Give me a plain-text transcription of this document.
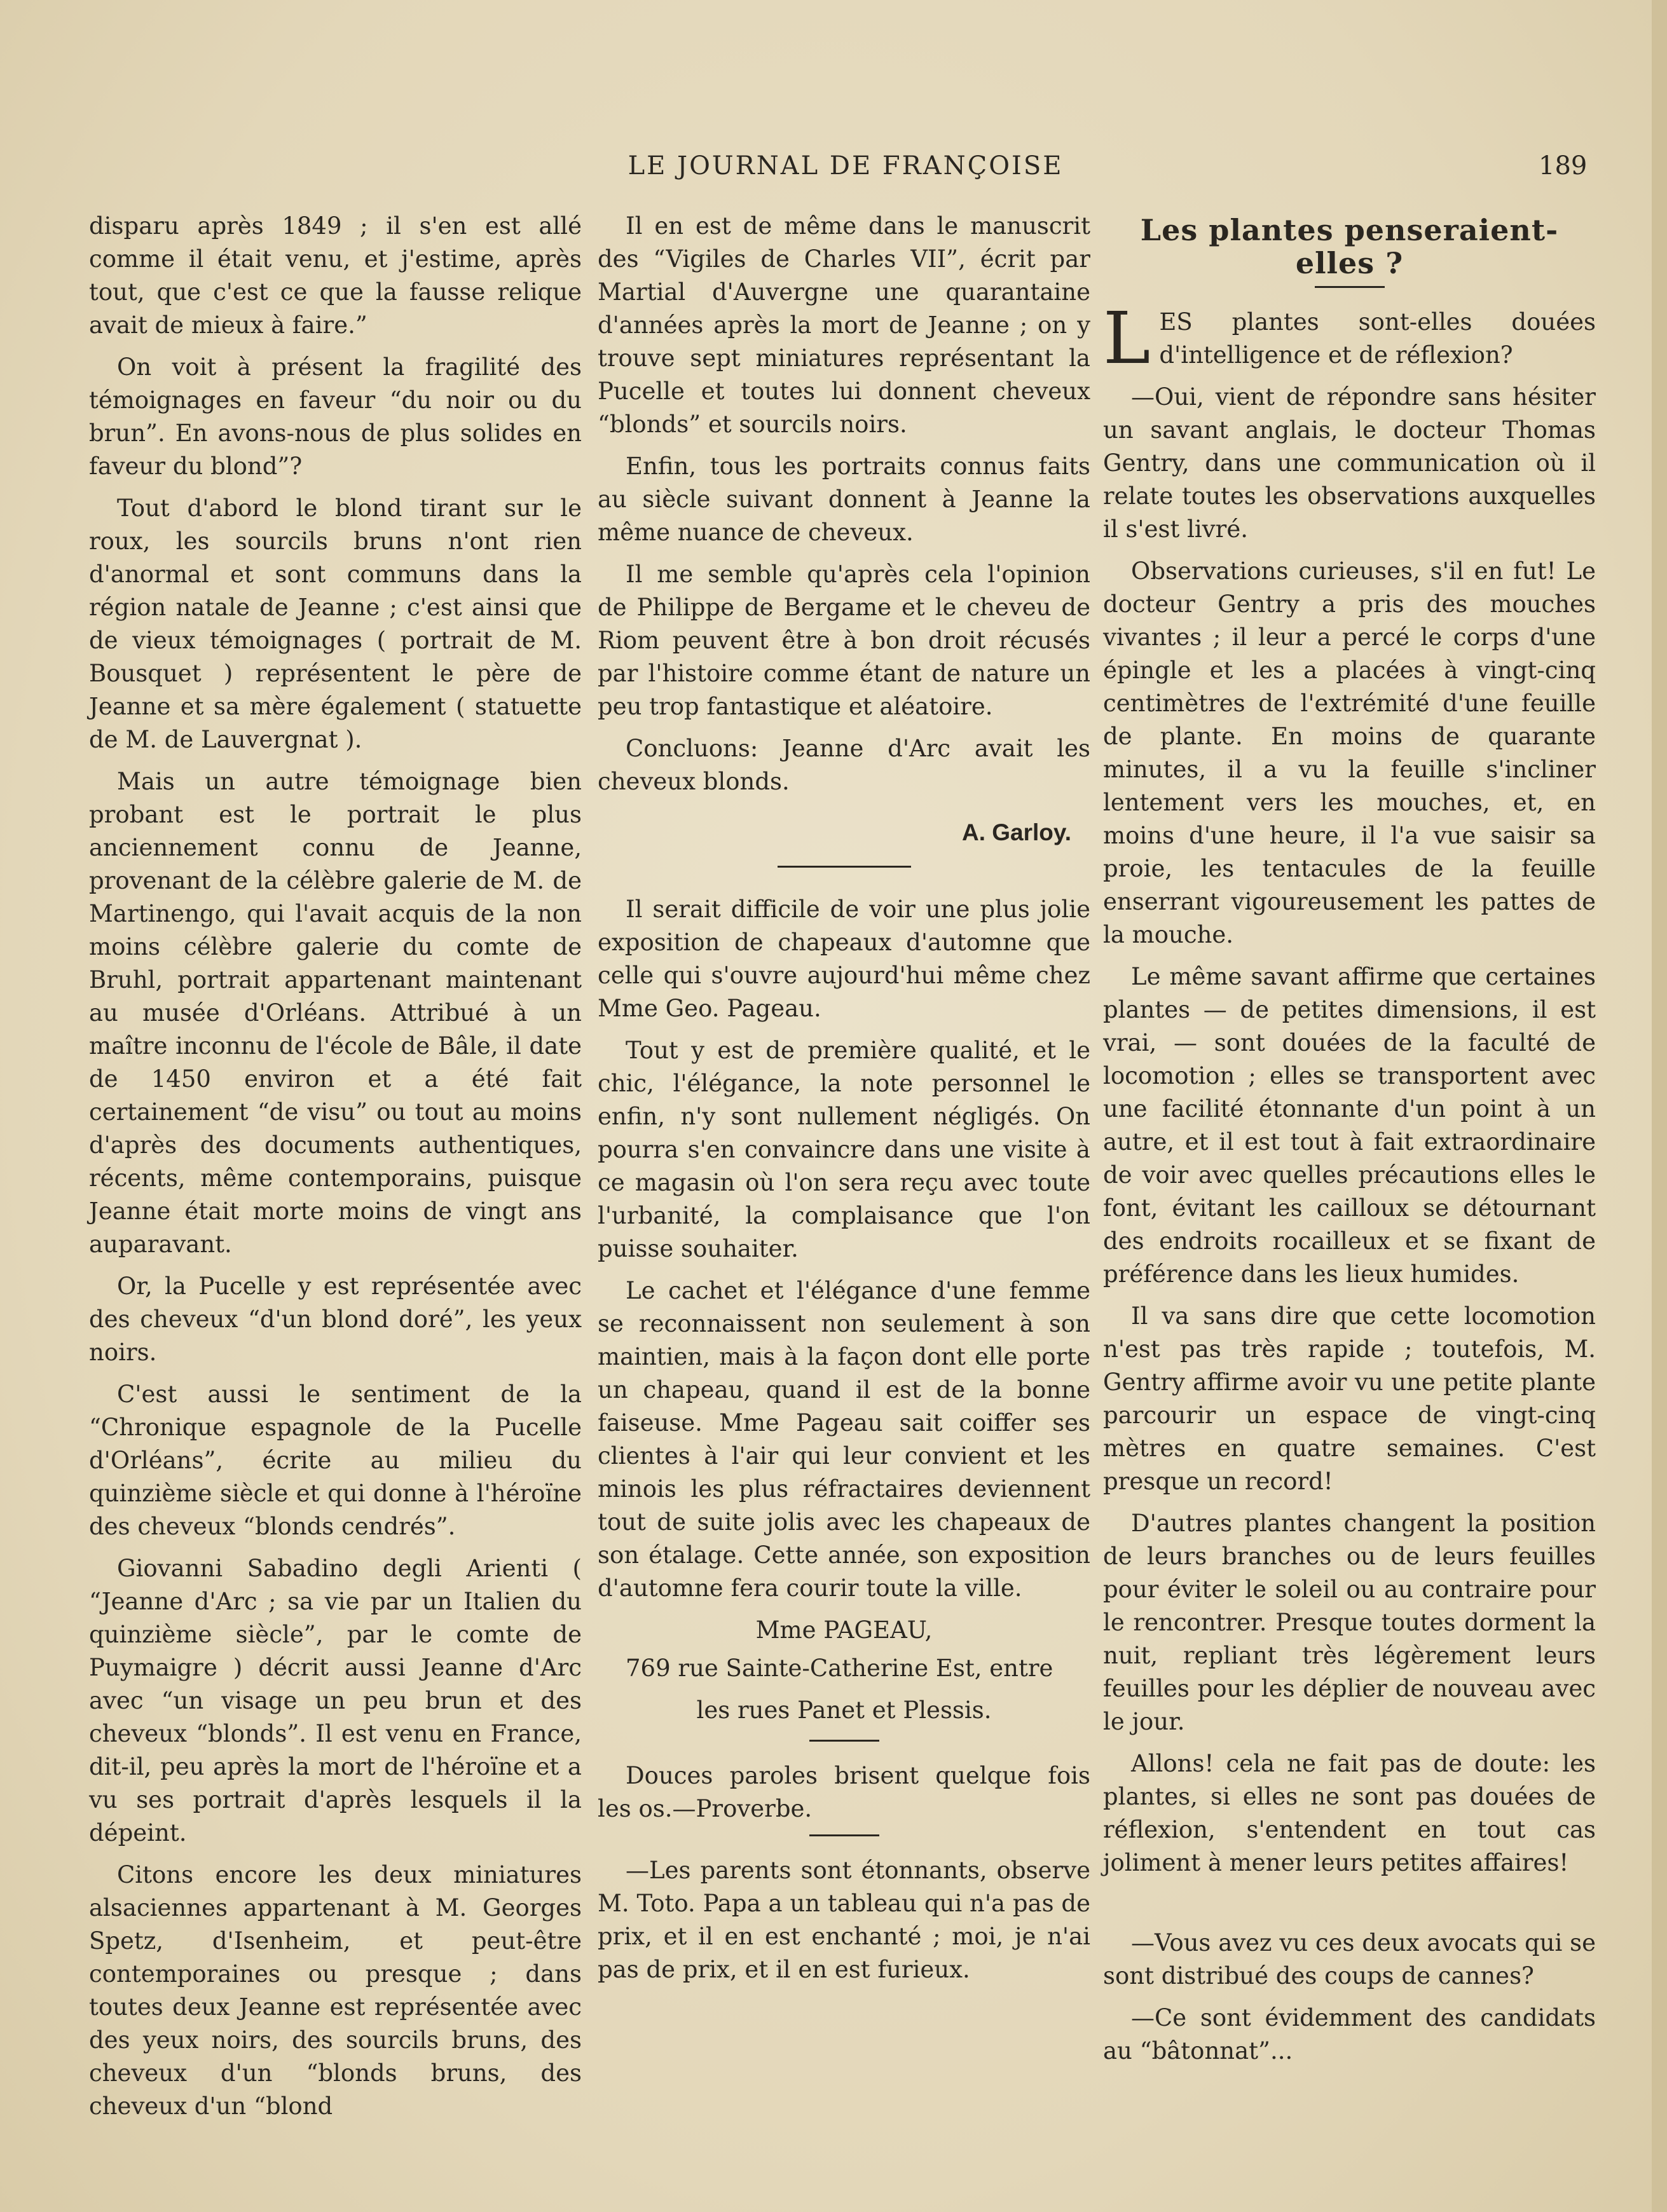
LE JOURNAL DE FRANÇOISE	189

disparu après 1849 ; il s'en est allé comme il était venu, et j'estime, après tout, que c'est ce que la fausse relique avait de mieux à faire.”

On voit à présent la fragilité des témoignages en faveur “du noir ou du brun”. En avons-nous de plus solides en faveur du blond”?

Tout d'abord le blond tirant sur le roux, les sourcils bruns n'ont rien d'anormal et sont communs dans la région natale de Jeanne ; c'est ainsi que de vieux témoignages ( portrait de M. Bousquet ) représentent le père de Jeanne et sa mère également ( statuette de M. de Lauvergnat ).

Mais un autre témoignage bien probant est le portrait le plus anciennement connu de Jeanne, provenant de la célèbre galerie de M. de Martinengo, qui l'avait acquis de la non moins célèbre galerie du comte de Bruhl, portrait appartenant maintenant au musée d'Orléans. Attribué à un maître inconnu de l'école de Bâle, il date de 1450 environ et a été fait certainement “de visu” ou tout au moins d'après des documents authentiques, récents, même contemporains, puisque Jeanne était morte moins de vingt ans auparavant.

Or, la Pucelle y est représentée avec des cheveux “d'un blond doré”, les yeux noirs.

C'est aussi le sentiment de la “Chronique espagnole de la Pucelle d'Orléans”, écrite au milieu du quinzième siècle et qui donne à l'héroïne des cheveux “blonds cendrés”.

Giovanni Sabadino degli Arienti ( “Jeanne d'Arc ; sa vie par un Italien du quinzième siècle”, par le comte de Puymaigre ) décrit aussi Jeanne d'Arc avec “un visage un peu brun et des cheveux “blonds”. Il est venu en France, dit-il, peu après la mort de l'héroïne et a vu ses portrait d'après lesquels il la dépeint.

Citons encore les deux miniatures alsaciennes appartenant à M. Georges Spetz, d'Isenheim, et peut-être contemporaines ou presque ; dans toutes deux Jeanne est représentée avec des yeux noirs, des sourcils bruns, des cheveux d'un “blonds bruns, des cheveux d'un “blond

Il en est de même dans le manuscrit des “Vigiles de Charles VII”, écrit par Martial d'Auvergne une quarantaine d'années après la mort de Jeanne ; on y trouve sept miniatures représentant la Pucelle et toutes lui donnent cheveux “blonds” et sourcils noirs.

Enfin, tous les portraits connus faits au siècle suivant donnent à Jeanne la même nuance de cheveux.

Il me semble qu'après cela l'opinion de Philippe de Bergame et le cheveu de Riom peuvent être à bon droit récusés par l'histoire comme étant de nature un peu trop fantastique et aléatoire.

Concluons: Jeanne d'Arc avait les cheveux blonds.

A. Garloy.

Il serait difficile de voir une plus jolie exposition de chapeaux d'automne que celle qui s'ouvre aujourd'hui même chez Mme Geo. Pageau.

Tout y est de première qualité, et le chic, l'élégance, la note personnel le enfin, n'y sont nullement négligés. On pourra s'en convaincre dans une visite à ce magasin où l'on sera reçu avec toute l'urbanité, la complaisance que l'on puisse souhaiter.

Le cachet et l'élégance d'une femme se reconnaissent non seulement à son maintien, mais à la façon dont elle porte un chapeau, quand il est de la bonne faiseuse. Mme Pageau sait coiffer ses clientes à l'air qui leur convient et les minois les plus réfractaires deviennent tout de suite jolis avec les chapeaux de son étalage. Cette année, son exposition d'automne fera courir toute la ville.

Mme PAGEAU,

769 rue Sainte-Catherine Est, entre

les rues Panet et Plessis.

Douces paroles brisent quelque fois les os.—Proverbe.

—Les parents sont étonnants, observe M. Toto. Papa a un tableau qui n'a pas de prix, et il en est enchanté ; moi, je n'ai pas de prix, et il en est furieux.

Les plantes penseraient-elles ?

LES plantes sont-elles douées d'intelligence et de réflexion?

—Oui, vient de répondre sans hésiter un savant anglais, le docteur Thomas Gentry, dans une communication où il relate toutes les observations auxquelles il s'est livré.

Observations curieuses, s'il en fut! Le docteur Gentry a pris des mouches vivantes ; il leur a percé le corps d'une épingle et les a placées à vingt-cinq centimètres de l'extrémité d'une feuille de plante. En moins de quarante minutes, il a vu la feuille s'incliner lentement vers les mouches, et, en moins d'une heure, il l'a vue saisir sa proie, les tentacules de la feuille enserrant vigoureusement les pattes de la mouche.

Le même savant affirme que certaines plantes — de petites dimensions, il est vrai, — sont douées de la faculté de locomotion ; elles se transportent avec une facilité étonnante d'un point à un autre, et il est tout à fait extraordinaire de voir avec quelles précautions elles le font, évitant les cailloux se détournant des endroits rocailleux et se fixant de préférence dans les lieux humides.

Il va sans dire que cette locomotion n'est pas très rapide ; toutefois, M. Gentry affirme avoir vu une petite plante parcourir un espace de vingt-cinq mètres en quatre semaines. C'est presque un record!

D'autres plantes changent la position de leurs branches ou de leurs feuilles pour éviter le soleil ou au contraire pour le rencontrer. Presque toutes dorment la nuit, repliant très légèrement leurs feuilles pour les déplier de nouveau avec le jour.

Allons! cela ne fait pas de doute: les plantes, si elles ne sont pas douées de réflexion, s'entendent en tout cas joliment à mener leurs petites affaires!

—Vous avez vu ces deux avocats qui se sont distribué des coups de cannes?

—Ce sont évidemment des candidats au “bâtonnat”...
